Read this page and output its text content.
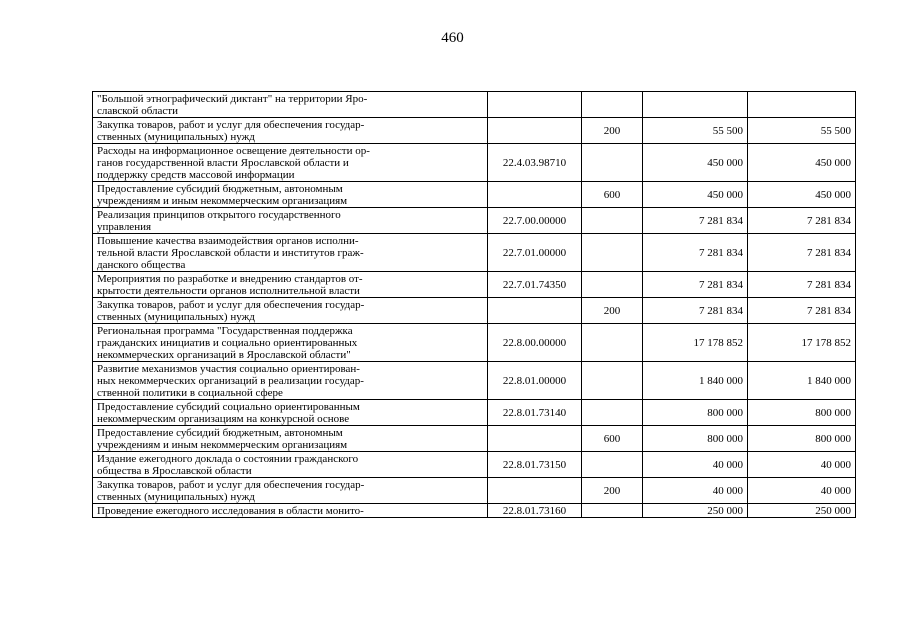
460
"Большой этнографический диктант" на территории Яро-
славской области				

Закупка товаров, работ и услуг для обеспечения государ-
ственных (муниципальных) нужд		200	55 500	55 500

Расходы на информационное освещение деятельности ор-
ганов государственной власти Ярославской области и
поддержку средств массовой информации	22.4.03.98710		450 000	450 000

Предоставление субсидий бюджетным, автономным
учреждениям и иным некоммерческим организациям		600	450 000	450 000

Реализация принципов открытого государственного
управления	22.7.00.00000		7 281 834	7 281 834

Повышение качества взаимодействия органов исполни-
тельной власти Ярославской области и институтов граж-
данского общества	22.7.01.00000		7 281 834	7 281 834

Мероприятия по разработке и внедрению стандартов от-
крытости деятельности органов исполнительной власти	22.7.01.74350		7 281 834	7 281 834

Закупка товаров, работ и услуг для обеспечения государ-
ственных (муниципальных) нужд		200	7 281 834	7 281 834

Региональная программа "Государственная поддержка
гражданских инициатив и социально ориентированных
некоммерческих организаций в Ярославской области"	22.8.00.00000		17 178 852	17 178 852

Развитие механизмов участия социально ориентирован-
ных некоммерческих организаций в реализации государ-
ственной политики в социальной сфере	22.8.01.00000		1 840 000	1 840 000

Предоставление субсидий социально ориентированным
некоммерческим организациям на конкурсной основе	22.8.01.73140		800 000	800 000

Предоставление субсидий бюджетным, автономным
учреждениям и иным некоммерческим организациям		600	800 000	800 000

Издание ежегодного доклада о состоянии гражданского
общества в Ярославской области	22.8.01.73150		40 000	40 000

Закупка товаров, работ и услуг для обеспечения государ-
ственных (муниципальных) нужд		200	40 000	40 000

Проведение ежегодного исследования в области монито-	22.8.01.73160		250 000	250 000
